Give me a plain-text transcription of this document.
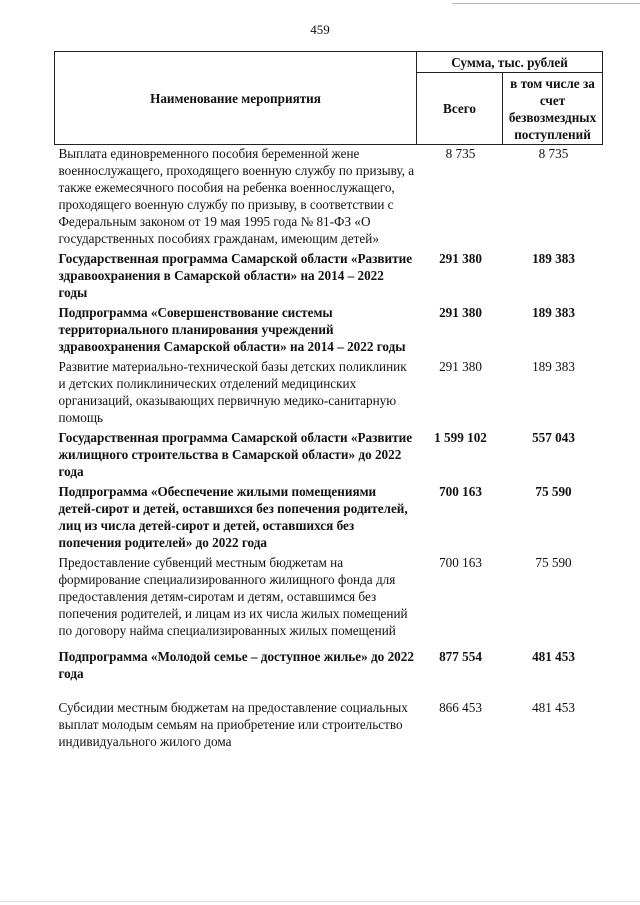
459
Наименование мероприятия	Сумма, тыс. рублей	
	Всего	в том числе за счет безвозмездных поступлений
Выплата единовременного пособия беременной жене военнослужащего, проходящего военную службу по призыву, а также ежемесячного пособия на ребенка военнослужащего, проходящего военную службу по призыву, в соответствии с Федеральным законом от 19 мая 1995 года № 81-ФЗ «О государственных пособиях гражданам, имеющим детей»	8 735	8 735
Государственная программа Самарской области «Развитие здравоохранения в Самарской области» на 2014 – 2022 годы	291 380	189 383
Подпрограмма «Совершенствование системы территориального планирования учреждений здравоохранения Самарской области» на 2014 – 2022 годы	291 380	189 383
Развитие материально-технической базы детских поликлиник и детских поликлинических отделений медицинских организаций, оказывающих первичную медико-санитарную помощь	291 380	189 383
Государственная программа Самарской области «Развитие жилищного строительства в Самарской области» до 2022 года	1 599 102	557 043
Подпрограмма «Обеспечение жилыми помещениями детей-сирот и детей, оставшихся без попечения родителей, лиц из числа детей-сирот и детей, оставшихся без попечения родителей» до 2022 года	700 163	75 590
Предоставление субвенций местным бюджетам на формирование специализированного жилищного фонда для предоставления детям-сиротам и детям, оставшимся без попечения родителей, и лицам из их числа жилых помещений по договору найма специализированных жилых помещений	700 163	75 590
Подпрограмма «Молодой семье – доступное жилье» до 2022 года	877 554	481 453
Субсидии местным бюджетам на предоставление социальных выплат молодым семьям на приобретение или строительство индивидуального жилого дома	866 453	481 453
